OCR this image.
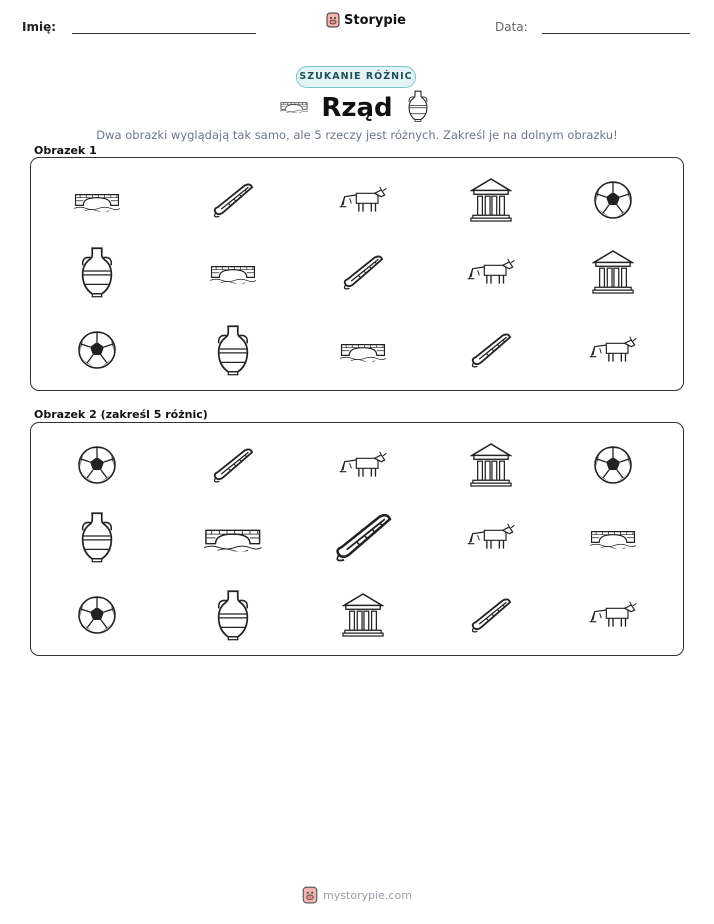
Imię:	Storypie	Data:
SZUKANIE RÓŻNIC
Rząd
Dwa obrazki wyglądają tak samo, ale 5 rzeczy jest różnych. Zakreśl je na dolnym obrazku!
Obrazek 1
Obrazek 2 (zakreśl 5 różnic)
mystorypie.com
